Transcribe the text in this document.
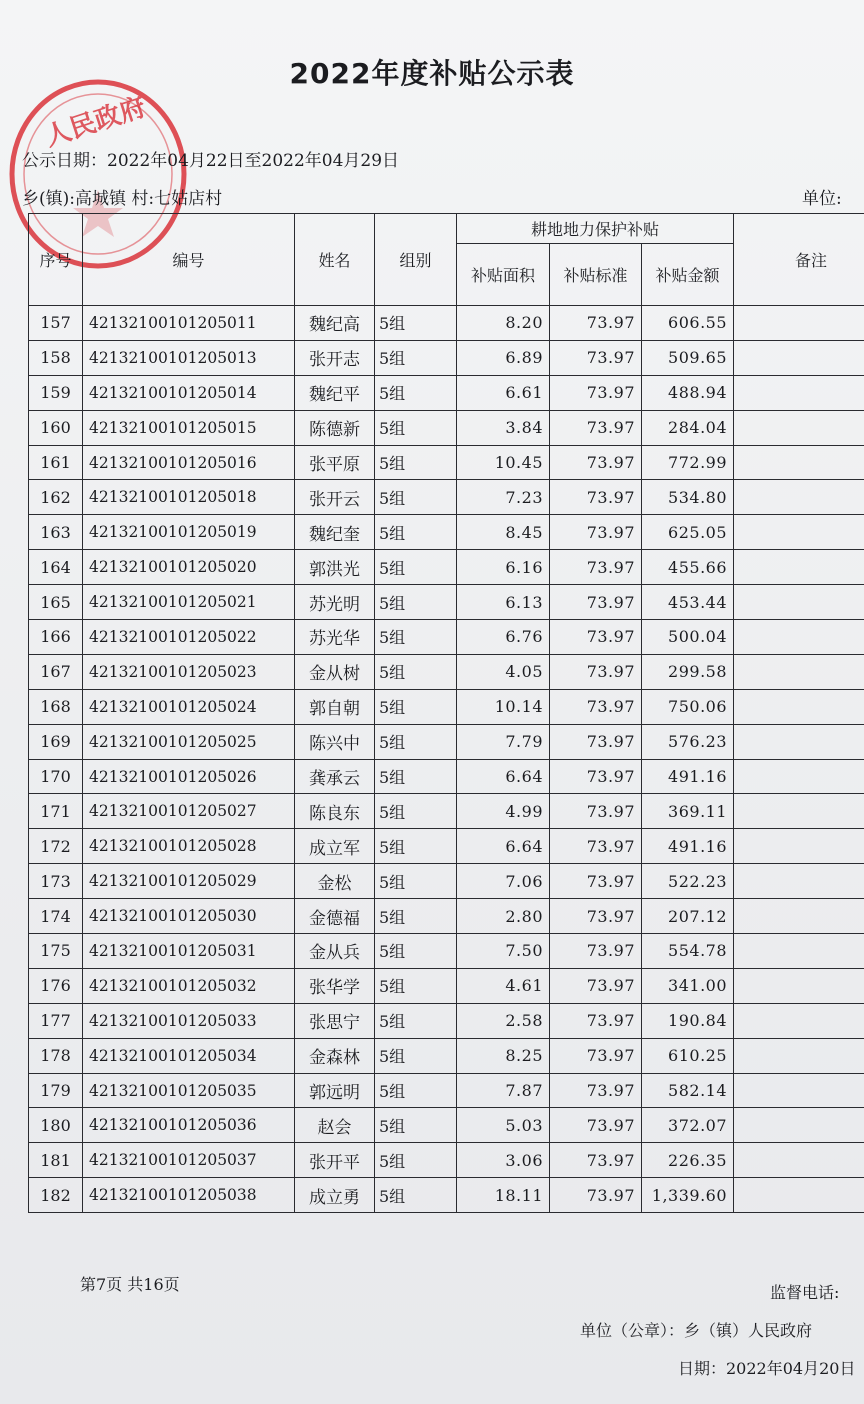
人民政府
2022年度补贴公示表
公示日期：2022年04月22日至2022年04月29日
乡(镇):高城镇 村:七姑店村	单位:
序号	编号	姓名	组别	耕地地力保护补贴			备注
				补贴面积	补贴标准	补贴金额	
157	42132100101205011	魏纪高	5组	8.20	73.97	606.55	
158	42132100101205013	张开志	5组	6.89	73.97	509.65	
159	42132100101205014	魏纪平	5组	6.61	73.97	488.94	
160	42132100101205015	陈德新	5组	3.84	73.97	284.04	
161	42132100101205016	张平原	5组	10.45	73.97	772.99	
162	42132100101205018	张开云	5组	7.23	73.97	534.80	
163	42132100101205019	魏纪奎	5组	8.45	73.97	625.05	
164	42132100101205020	郭洪光	5组	6.16	73.97	455.66	
165	42132100101205021	苏光明	5组	6.13	73.97	453.44	
166	42132100101205022	苏光华	5组	6.76	73.97	500.04	
167	42132100101205023	金从树	5组	4.05	73.97	299.58	
168	42132100101205024	郭自朝	5组	10.14	73.97	750.06	
169	42132100101205025	陈兴中	5组	7.79	73.97	576.23	
170	42132100101205026	龚承云	5组	6.64	73.97	491.16	
171	42132100101205027	陈良东	5组	4.99	73.97	369.11	
172	42132100101205028	成立军	5组	6.64	73.97	491.16	
173	42132100101205029	金松	5组	7.06	73.97	522.23	
174	42132100101205030	金德福	5组	2.80	73.97	207.12	
175	42132100101205031	金从兵	5组	7.50	73.97	554.78	
176	42132100101205032	张华学	5组	4.61	73.97	341.00	
177	42132100101205033	张思宁	5组	2.58	73.97	190.84	
178	42132100101205034	金森林	5组	8.25	73.97	610.25	
179	42132100101205035	郭远明	5组	7.87	73.97	582.14	
180	42132100101205036	赵会	5组	5.03	73.97	372.07	
181	42132100101205037	张开平	5组	3.06	73.97	226.35	
182	42132100101205038	成立勇	5组	18.11	73.97	1,339.60	
第7页 共16页	监督电话:
单位（公章）：乡（镇）人民政府
日期：2022年04月20日
